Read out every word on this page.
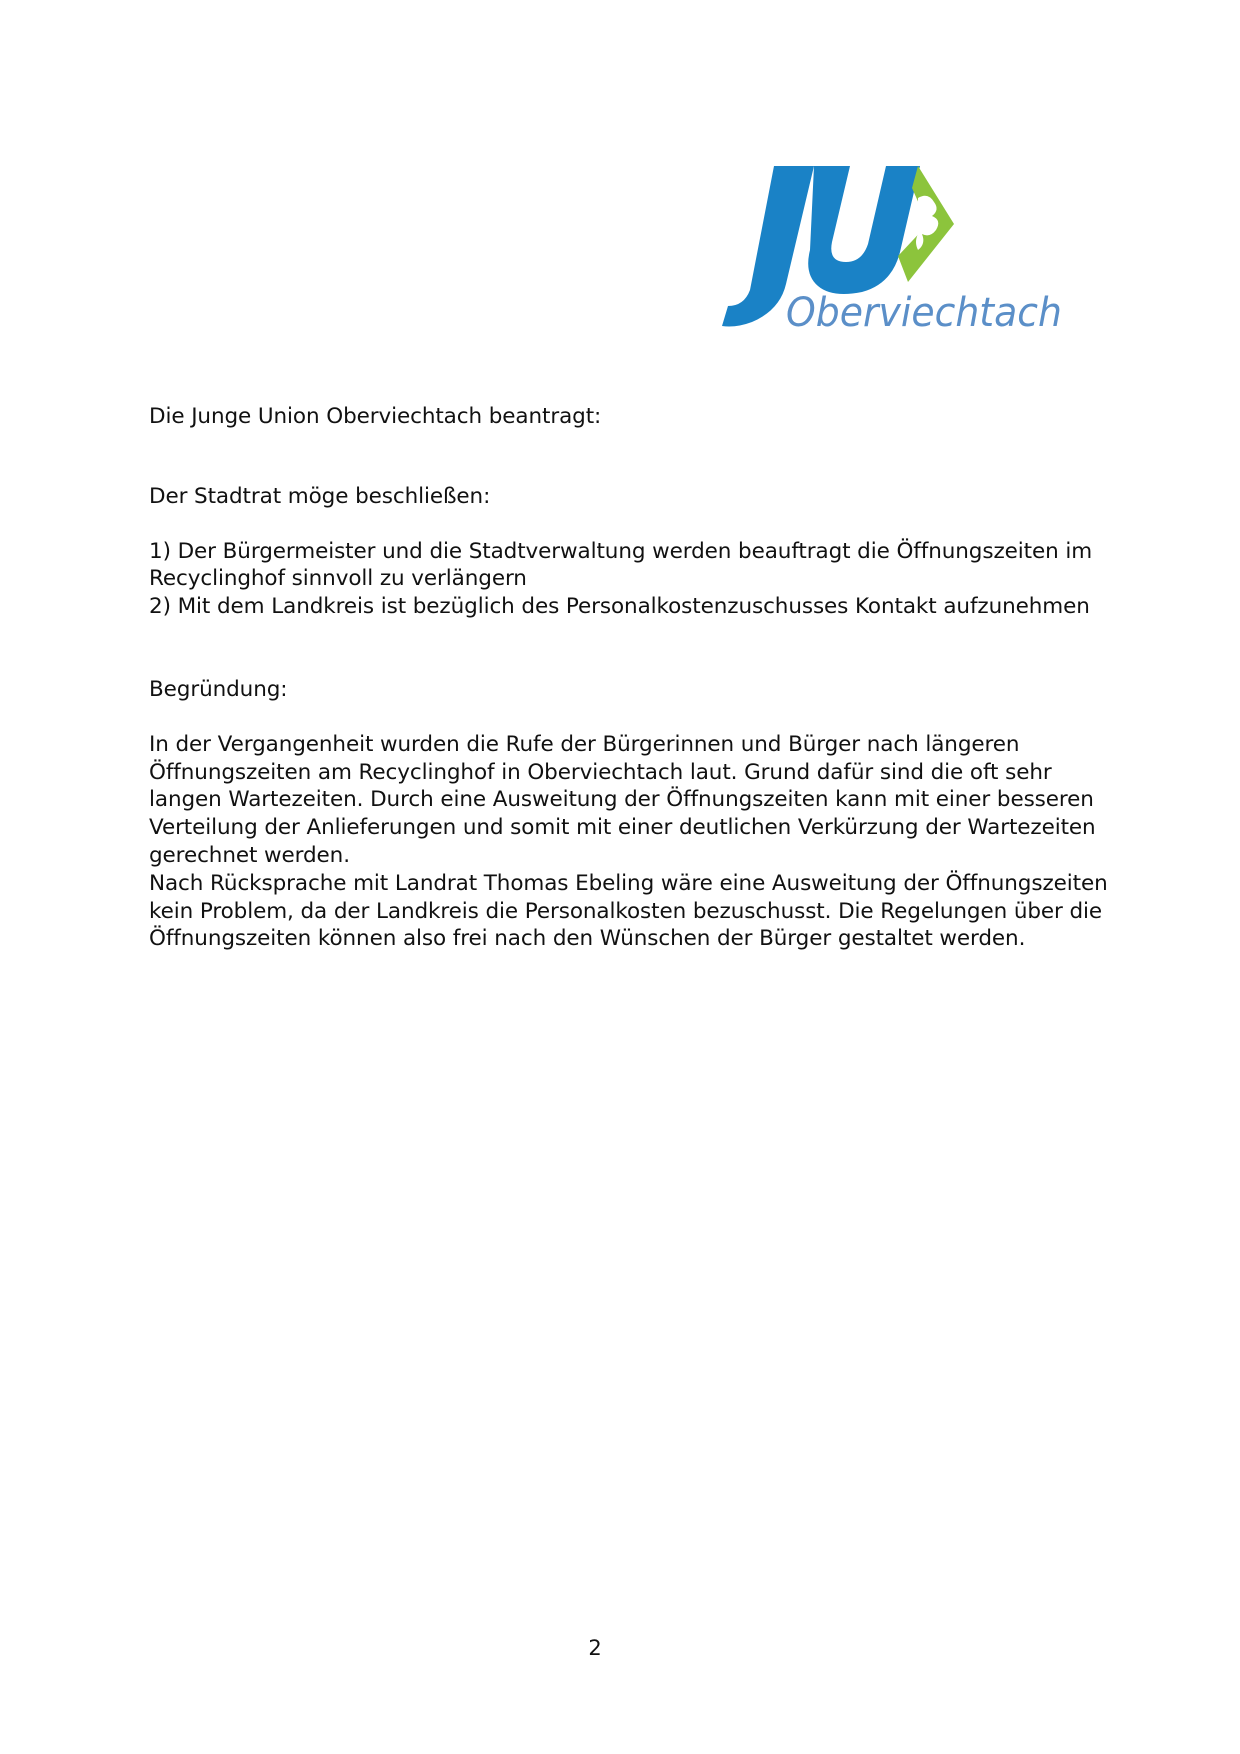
Oberviechtach

Die Junge Union Oberviechtach beantragt:

Der Stadtrat möge beschließen:

1) Der Bürgermeister und die Stadtverwaltung werden beauftragt die Öffnungszeiten im
Recyclinghof sinnvoll zu verlängern

2) Mit dem Landkreis ist bezüglich des Personalkostenzuschusses Kontakt aufzunehmen

Begründung:

In der Vergangenheit wurden die Rufe der Bürgerinnen und Bürger nach längeren
Öffnungszeiten am Recyclinghof in Oberviechtach laut. Grund dafür sind die oft sehr
langen Wartezeiten. Durch eine Ausweitung der Öffnungszeiten kann mit einer besseren
Verteilung der Anlieferungen und somit mit einer deutlichen Verkürzung der Wartezeiten
gerechnet werden.

Nach Rücksprache mit Landrat Thomas Ebeling wäre eine Ausweitung der Öffnungszeiten
kein Problem, da der Landkreis die Personalkosten bezuschusst. Die Regelungen über die
Öffnungszeiten können also frei nach den Wünschen der Bürger gestaltet werden.

2
